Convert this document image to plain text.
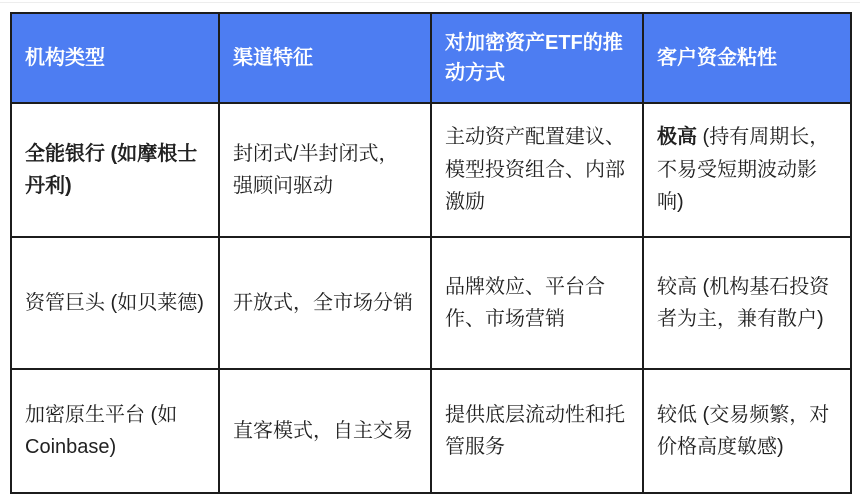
机构类型	渠道特征	对加密资产ETF的推动方式	客户资金粘性
全能银行 (如摩根士丹利)	封闭式/半封闭式，强顾问驱动	主动资产配置建议、模型投资组合、内部激励	极高 (持有周期长，不易受短期波动影响)
资管巨头 (如贝莱德)	开放式，全市场分销	品牌效应、平台合作、市场营销	较高 (机构基石投资者为主，兼有散户)
加密原生平台 (如Coinbase)	直客模式，自主交易	提供底层流动性和托管服务	较低 (交易频繁，对价格高度敏感)
